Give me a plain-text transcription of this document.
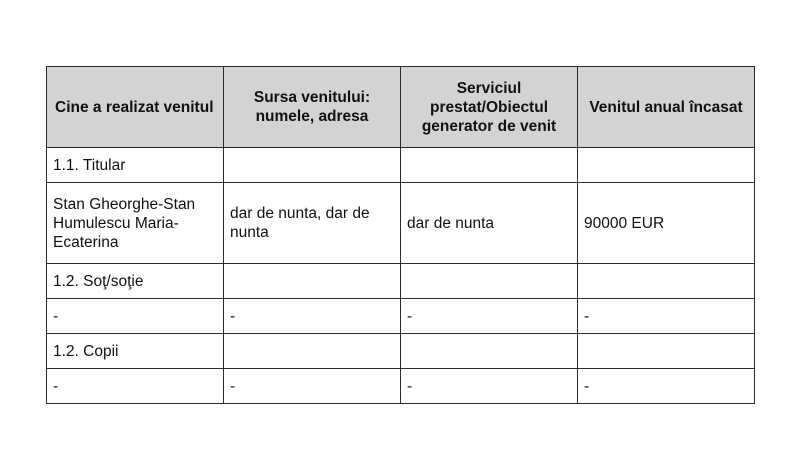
Cine a realizat venitul	Sursa venitului: numele, adresa	Serviciul prestat/Obiectul generator de venit	Venitul anual încasat
1.1. Titular			
Stan Gheorghe-Stan Humulescu Maria-Ecaterina	dar de nunta, dar de nunta	dar de nunta	90000 EUR
1.2. Soţ/soţie			
-	-	-	-
1.2. Copii			
-	-	-	-
